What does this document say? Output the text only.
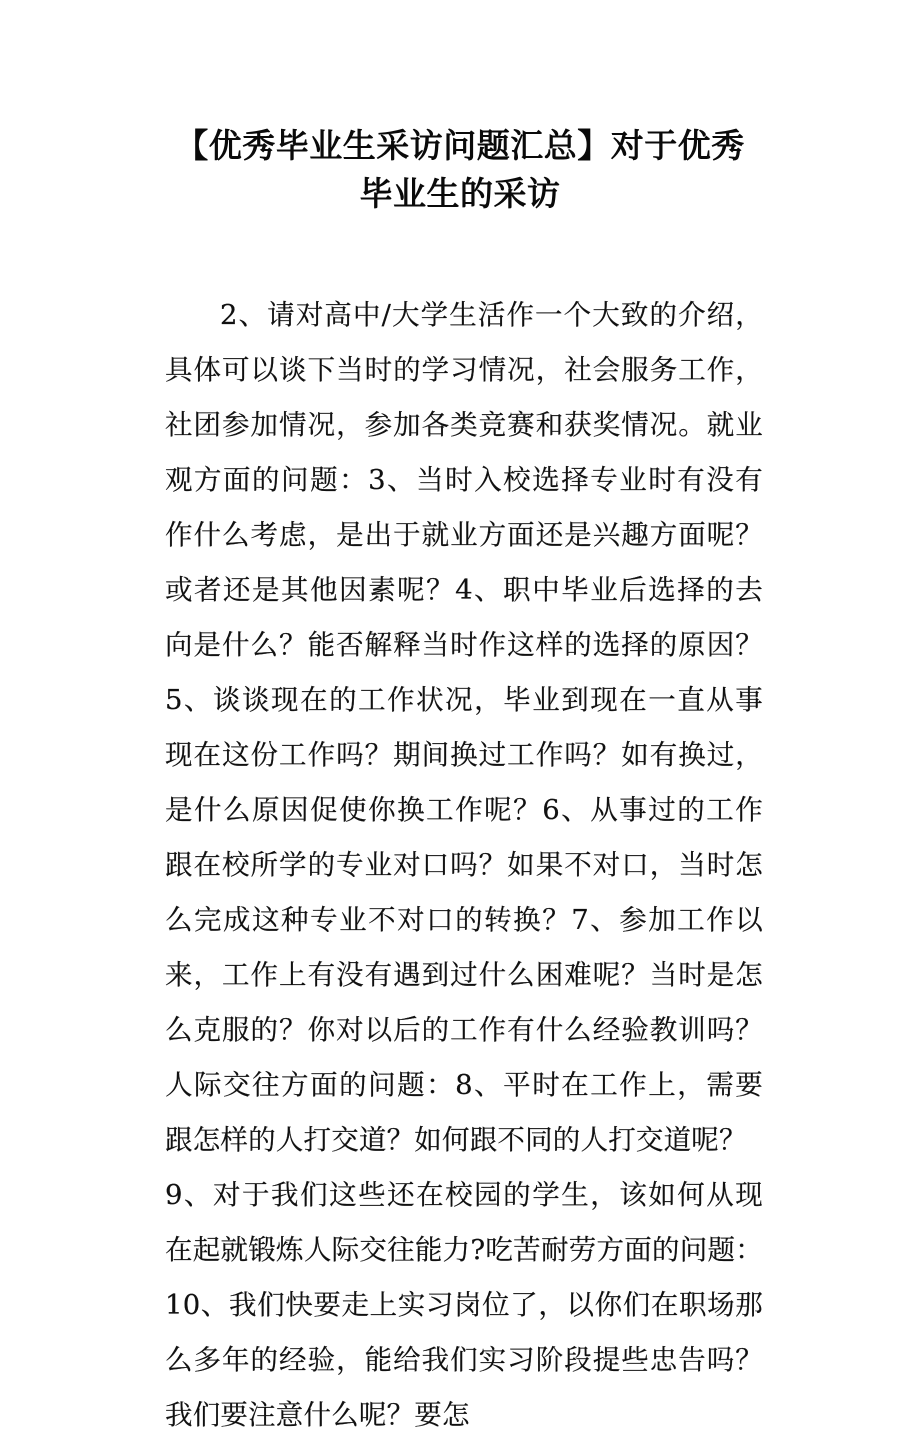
【优秀毕业生采访问题汇总】对于优秀
毕业生的采访

2、请对高中/大学生活作一个大致的介绍，具体可以谈下当时的学习情况，社会服务工作，社团参加情况，参加各类竞赛和获奖情况。就业观方面的问题：3、当时入校选择专业时有没有作什么考虑，是出于就业方面还是兴趣方面呢？或者还是其他因素呢？4、职中毕业后选择的去向是什么？能否解释当时作这样的选择的原因？5、谈谈现在的工作状况，毕业到现在一直从事现在这份工作吗？期间换过工作吗？如有换过，是什么原因促使你换工作呢？6、从事过的工作跟在校所学的专业对口吗？如果不对口，当时怎么完成这种专业不对口的转换？7、参加工作以来，工作上有没有遇到过什么困难呢？当时是怎么克服的？你对以后的工作有什么经验教训吗？人际交往方面的问题：8、平时在工作上，需要跟怎样的人打交道？如何跟不同的人打交道呢？

9、对于我们这些还在校园的学生，该如何从现在起就锻炼人际交往能力?吃苦耐劳方面的问题：10、我们快要走上实习岗位了，以你们在职场那么多年的经验，能给我们实习阶段提些忠告吗？我们要注意什么呢？要怎
